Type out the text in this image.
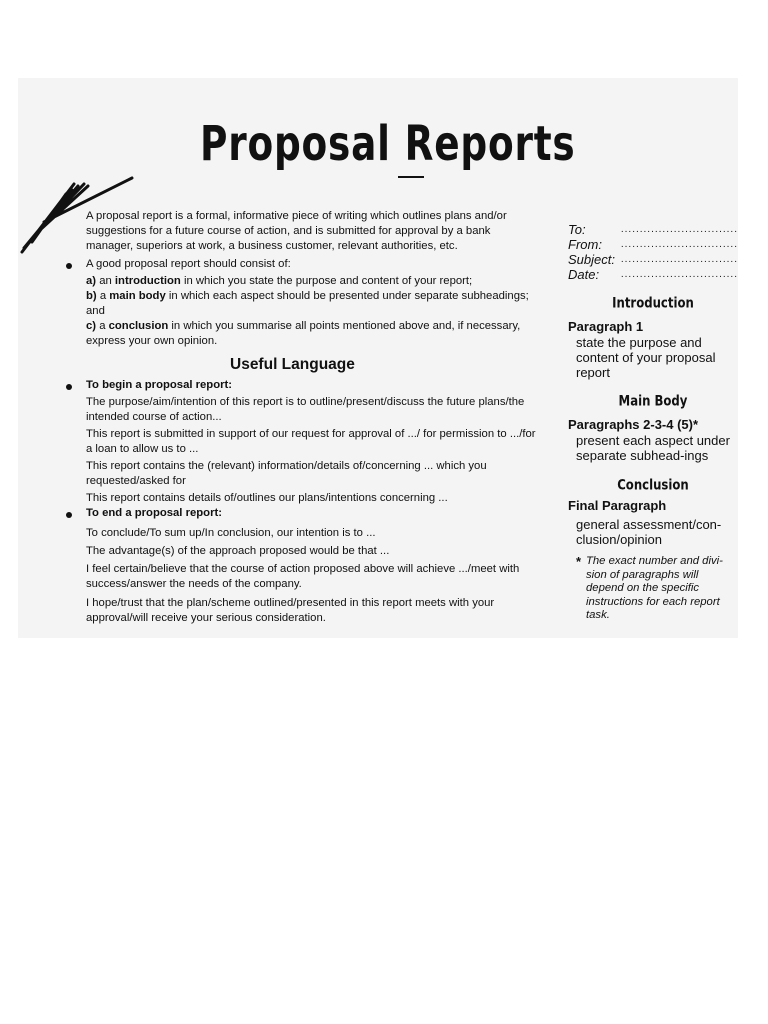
Proposal Reports

A proposal report is a formal, informative piece of writing which outlines plans and/or suggestions for a future course of action, and is submitted for approval by a bank manager, superiors at work, a business customer, relevant authorities, etc.

A good proposal report should consist of:

a) an introduction in which you state the purpose and content of your report;

b) a main body in which each aspect should be presented under separate subheadings; and

c) a conclusion in which you summarise all points mentioned above and, if necessary, express your own opinion.

Useful Language

To begin a proposal report:

The purpose/aim/intention of this report is to outline/present/discuss the future plans/the intended course of action...

This report is submitted in support of our request for approval of .../ for permission to .../for a loan to allow us to ...

This report contains the (relevant) information/details of/concerning ... which you requested/asked for

This report contains details of/outlines our plans/intentions concerning ...

To end a proposal report:

To conclude/To sum up/In conclusion, our intention is to ...

The advantage(s) of the approach proposed would be that ...

I feel certain/believe that the course of action proposed above will achieve .../meet with success/answer the needs of the company.

I hope/trust that the plan/scheme outlined/presented in this report meets with your approval/will receive your serious consideration.

To:	...............................
From:	...............................
Subject: ...............................
Date:	...............................

Introduction

Paragraph 1

state the purpose and content of your proposal report

Main Body

Paragraphs 2-3-4 (5)*

present each aspect under separate subhead-ings

Conclusion

Final Paragraph

general assessment/con-clusion/opinion

* The exact number and divi-sion of paragraphs will depend on the specific instructions for each report task.
